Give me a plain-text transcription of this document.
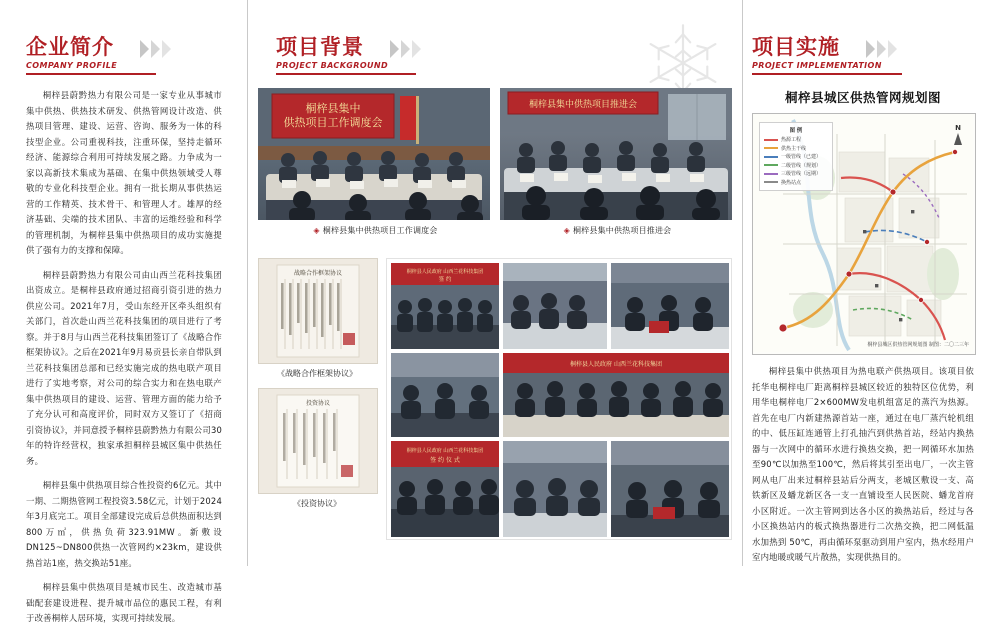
企业简介
COMPANY PROFILE

桐梓县蔚黔热力有限公司是一家专业从事城市集中供热、供热技术研发、供热管网设计改造、供热项目管理、建设、运营、咨询、服务为一体的科技型企业。公司重视科技，注重环保，坚持走循环经济、能源综合利用可持续发展之路。力争成为一家以高新技术集成为基础、在集中供热领域受人尊敬的专业化科技型企业。拥有一批长期从事供热运营的工作精英、技术骨干、和管理人才。雄厚的经济基础、尖端的技术团队、丰富的运维经验和科学的管理机制，为桐梓县集中供热项目的成功实施提供了强有力的支撑和保障。

桐梓县蔚黔热力有限公司由山西兰花科技集团出资成立。是桐梓县政府通过招商引资引进的热力供应公司。2021年7月，受山东经开区牵头组织有关部门，首次赴山西兰花科技集团的项目进行了考察。并于8月与山西兰花科技集团签订了《战略合作框架协议》。之后在2021年9月易贡县长亲自带队到兰花科技集团总部和已经实施完成的热电联产项目进行了实地考察，对公司的综合实力和在热电联产集中供热项目的建设、运营、管理方面的能力给予了充分认可和高度评价，同时双方又签订了《招商引资协议》，并同意授予桐梓县蔚黔热力有限公司30年的特许经营权，独家承担桐梓县城区集中供热任务。

桐梓县集中供热项目综合性投资约6亿元。其中一期、二期热管网工程投资3.58亿元，计划于2024年3月底完工。项目全部建设完成后总供热面积达到800万㎡，供热负荷323.91MW。新敷设DN125~DN800供热一次管网约×23km，建设供热首站1座，热交换站51座。

桐梓县集中供热项目是城市民生、改造城市基础配套建设进程、提升城市品位的惠民工程，有利于改善桐梓人居环境，实现可持续发展。

项目背景
PROJECT BACKGROUND
桐梓县集中
供热项目工作调度会
桐梓县集中供热项目推进会
◈ 桐梓县集中供热项目工作调度会	◈ 桐梓县集中供热项目推进会
战略合作框架协议
《战略合作框架协议》
投资协议
《投资协议》
桐梓县人民政府 山西兰花科技集团
签 约
桐梓县人民政府 山西兰花科技集团
桐梓县人民政府 山西兰花科技集团
签 约 仪 式
项目实施
PROJECT IMPLEMENTATION
桐梓县城区供热管网规划图
图 例
热源工程
供热主干线
一级管线（已建）
二级管线（规划）
三级管线（远期）
换热站点
N
桐梓县城区供热管网规划图 制图：二〇二三年

桐梓县集中供热项目为热电联产供热项目。该项目依托华电桐梓电厂距离桐梓县城区较近的独特区位优势，利用华电桐梓电厂2×600MW发电机组富足的蒸汽为热源。首先在电厂内新建热源首站一座，通过在电厂蒸汽轮机组的中、低压缸连通管上打孔抽汽到供热首站，经站内换热器与一次网中的循环水进行换热交换，把一网循环水加热至90℃以加热至100℃，然后将其引至出电厂，一次主管网从电厂出来过桐梓县站后分两支，老城区敷设一支、高铁新区及蟠龙新区各一支一直铺设至人民医院、蟠龙首府小区附近。一次主管网到达各小区的换热站后，经过与各小区换热站内的板式换热器进行二次热交换，把二网低温水加热到 50℃，再由循环泵驱动到用户室内，热水经用户室内地暖或暖气片散热，实现供热目的。
